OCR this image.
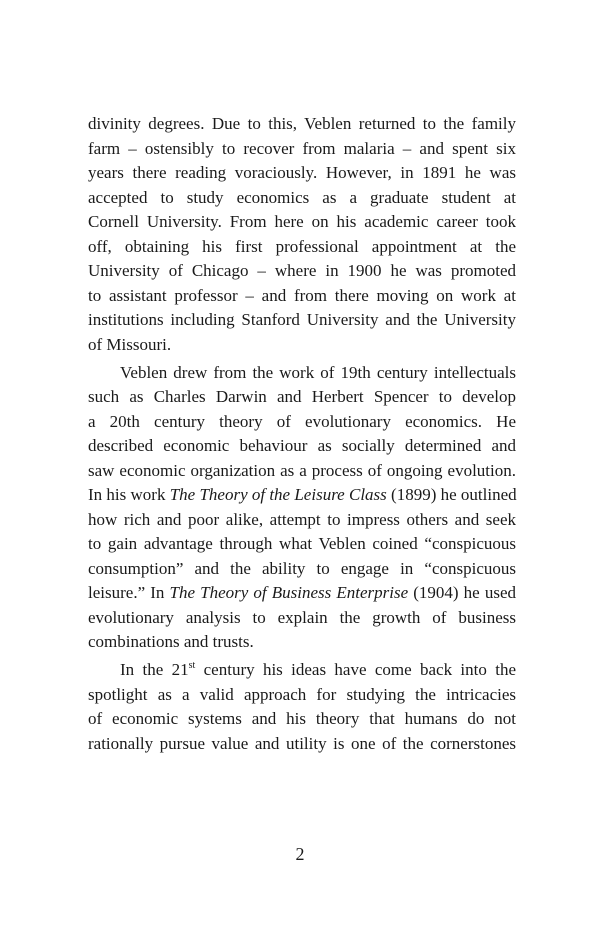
divinity degrees. Due to this, Veblen returned to the family
farm – ostensibly to recover from malaria – and spent six
years there reading voraciously. However, in 1891 he was
accepted to study economics as a graduate student at
Cornell University. From here on his academic career took
off, obtaining his first professional appointment at the
University of Chicago – where in 1900 he was promoted
to assistant professor – and from there moving on work at
institutions including Stanford University and the University
of Missouri.
Veblen drew from the work of 19th century intellectuals
such as Charles Darwin and Herbert Spencer to develop
a 20th century theory of evolutionary economics. He
described economic behaviour as socially determined and
saw economic organization as a process of ongoing evolution.
In his work The Theory of the Leisure Class (1899) he outlined
how rich and poor alike, attempt to impress others and seek
to gain advantage through what Veblen coined “conspicuous
consumption” and the ability to engage in “conspicuous
leisure.” In The Theory of Business Enterprise (1904) he used
evolutionary analysis to explain the growth of business
combinations and trusts.
In the 21st century his ideas have come back into the
spotlight as a valid approach for studying the intricacies
of economic systems and his theory that humans do not
rationally pursue value and utility is one of the cornerstones
2
